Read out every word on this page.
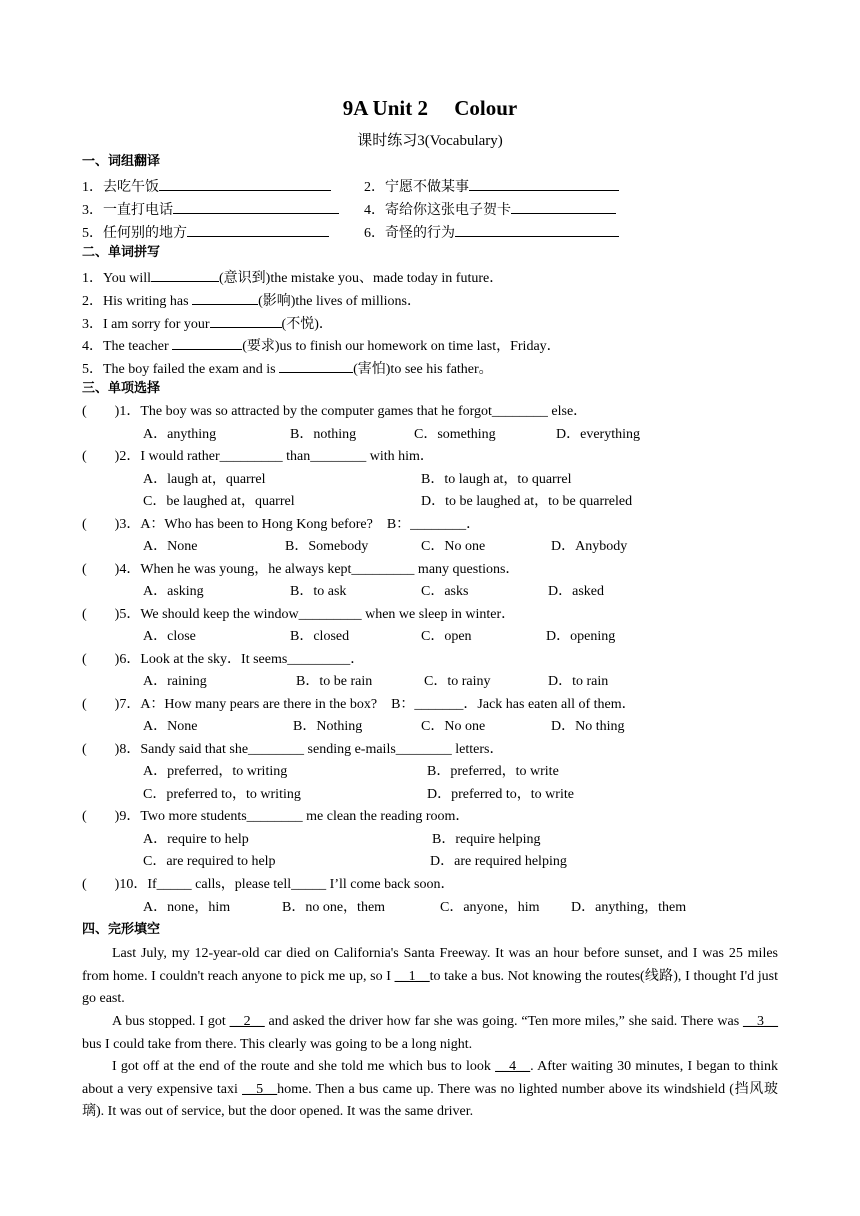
9A Unit 2　 Colour
课时练习3(Vocabulary)
一、词组翻译
1．去吃午饭	2．宁愿不做某事
3．一直打电话	4．寄给你这张电子贺卡
5．任何别的地方	6．奇怪的行为
二、单词拼写
1．You will	(意识到)the mistake you、made today in future．
2．His writing has	(影响)the lives of millions．
3．I am sorry for your	(不悦)．
4．The teacher	(要求)us to finish our homework on time last，Friday．
5．The boy failed the exam and is	(害怕)to see his father。
三、单项选择
(　　)1．The boy was so attracted by the computer games that he forgot________ else．
A．anything	B．nothing	C．something	D．everything
(　　)2．I would rather_________ than________ with him．
A．laugh at，quarrel	B．to laugh at，to quarrel
C．be laughed at，quarrel	D．to be laughed at，to be quarreled
(　　)3．A：Who has been to Hong Kong before?　B：________．
A．None	B．Somebody	C．No one	D．Anybody
(　　)4．When he was young，he always kept_________ many questions．
A．asking	B．to ask	C．asks	D．asked
(　　)5．We should keep the window_________ when we sleep in winter．
A．close	B．closed	C．open	D．opening
(　　)6．Look at the sky．It seems_________．
A．raining	B．to be rain	C．to rainy	D．to rain
(　　)7．A：How many pears are there in the box?　B：_______．Jack has eaten all of them．
A．None	B．Nothing	C．No one	D．No thing
(　　)8．Sandy said that she________ sending e-mails________ letters．
A．preferred，to writing	B．preferred，to write
C．preferred to，to writing	D．preferred to，to write
(　　)9．Two more students________ me clean the reading room．
A．require to help	B．require helping
C．are required to help	D．are required helping
(　　)10．If_____ calls，please tell_____ I’ll come back soon．
A．none，him	B．no one，them	C．anyone，him D．anything，them
四、完形填空
Last July, my 12-year-old car died on California's Santa Freeway. It was an hour before sunset, and I was 25 miles from home. I couldn't reach anyone to pick me up, so I __1__to take a bus. Not knowing the routes(线路), I thought I'd just go east.
A bus stopped. I got __2__ and asked the driver how far she was going. “Ten more miles,” she said. There was __3__ bus I could take from there. This clearly was going to be a long night.
I got off at the end of the route and she told me which bus to look __4__. After waiting 30 minutes, I began to think about a very expensive taxi __5__home. Then a bus came up. There was no lighted number above its windshield (挡风玻璃). It was out of service, but the door opened. It was the same driver.
